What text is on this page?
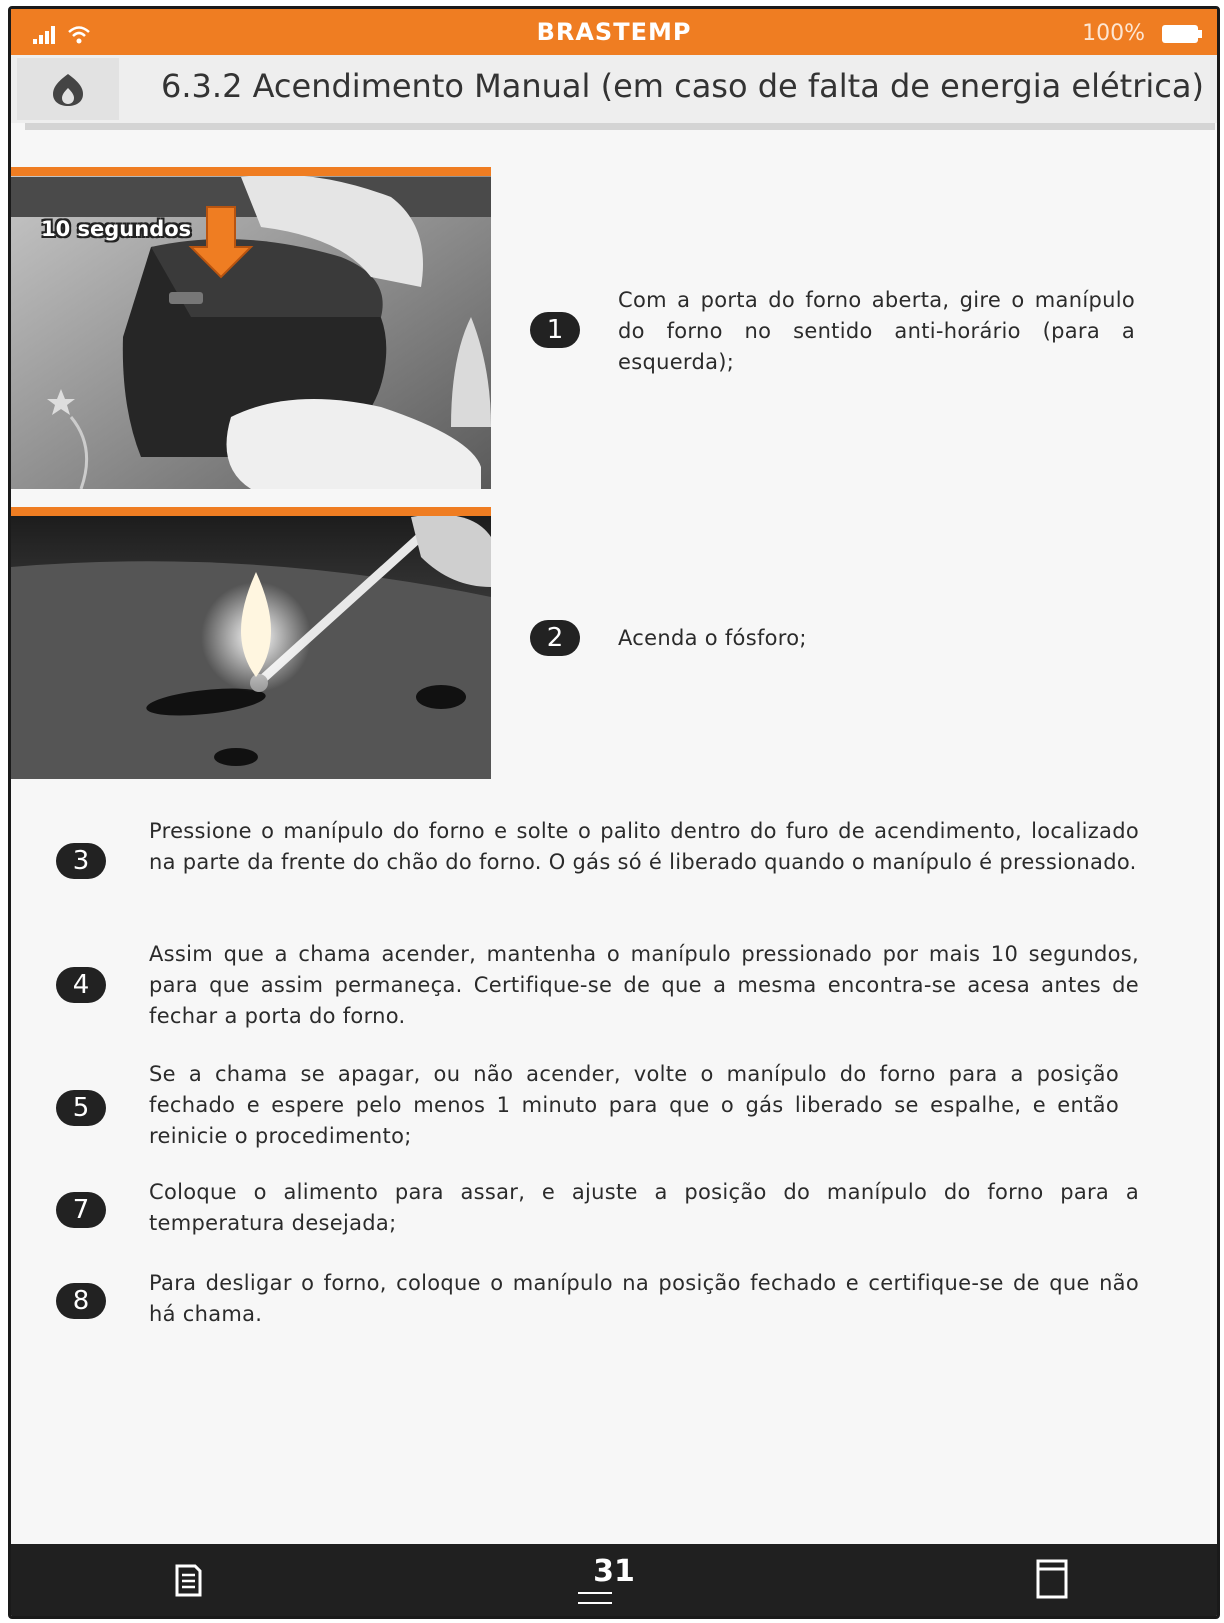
BRASTEMP	100%
6.3.2 Acendimento Manual (em caso de falta de energia elétrica)
10 segundos
1
Com a porta do forno aberta, gire o manípulo do forno no sentido anti-horário (para a esquerda);
2	Acenda o fósforo;
3
Pressione o manípulo do forno e solte o palito dentro do furo de acendimento, localizado na parte da frente do chão do forno. O gás só é liberado quando o manípulo é pressionado.
4
Assim que a chama acender, mantenha o manípulo pressionado por mais 10 segundos, para que assim permaneça. Certifique-se de que a mesma encontra-se acesa antes de fechar a porta do forno.
5
Se a chama se apagar, ou não acender, volte o manípulo do forno para a posição fechado e espere pelo menos 1 minuto para que o gás liberado se espalhe, e então reinicie o procedimento;
7
Coloque o alimento para assar, e ajuste a posição do manípulo do forno para a temperatura desejada;
8
Para desligar o forno, coloque o manípulo na posição fechado e certifique-se de que não há chama.
31
